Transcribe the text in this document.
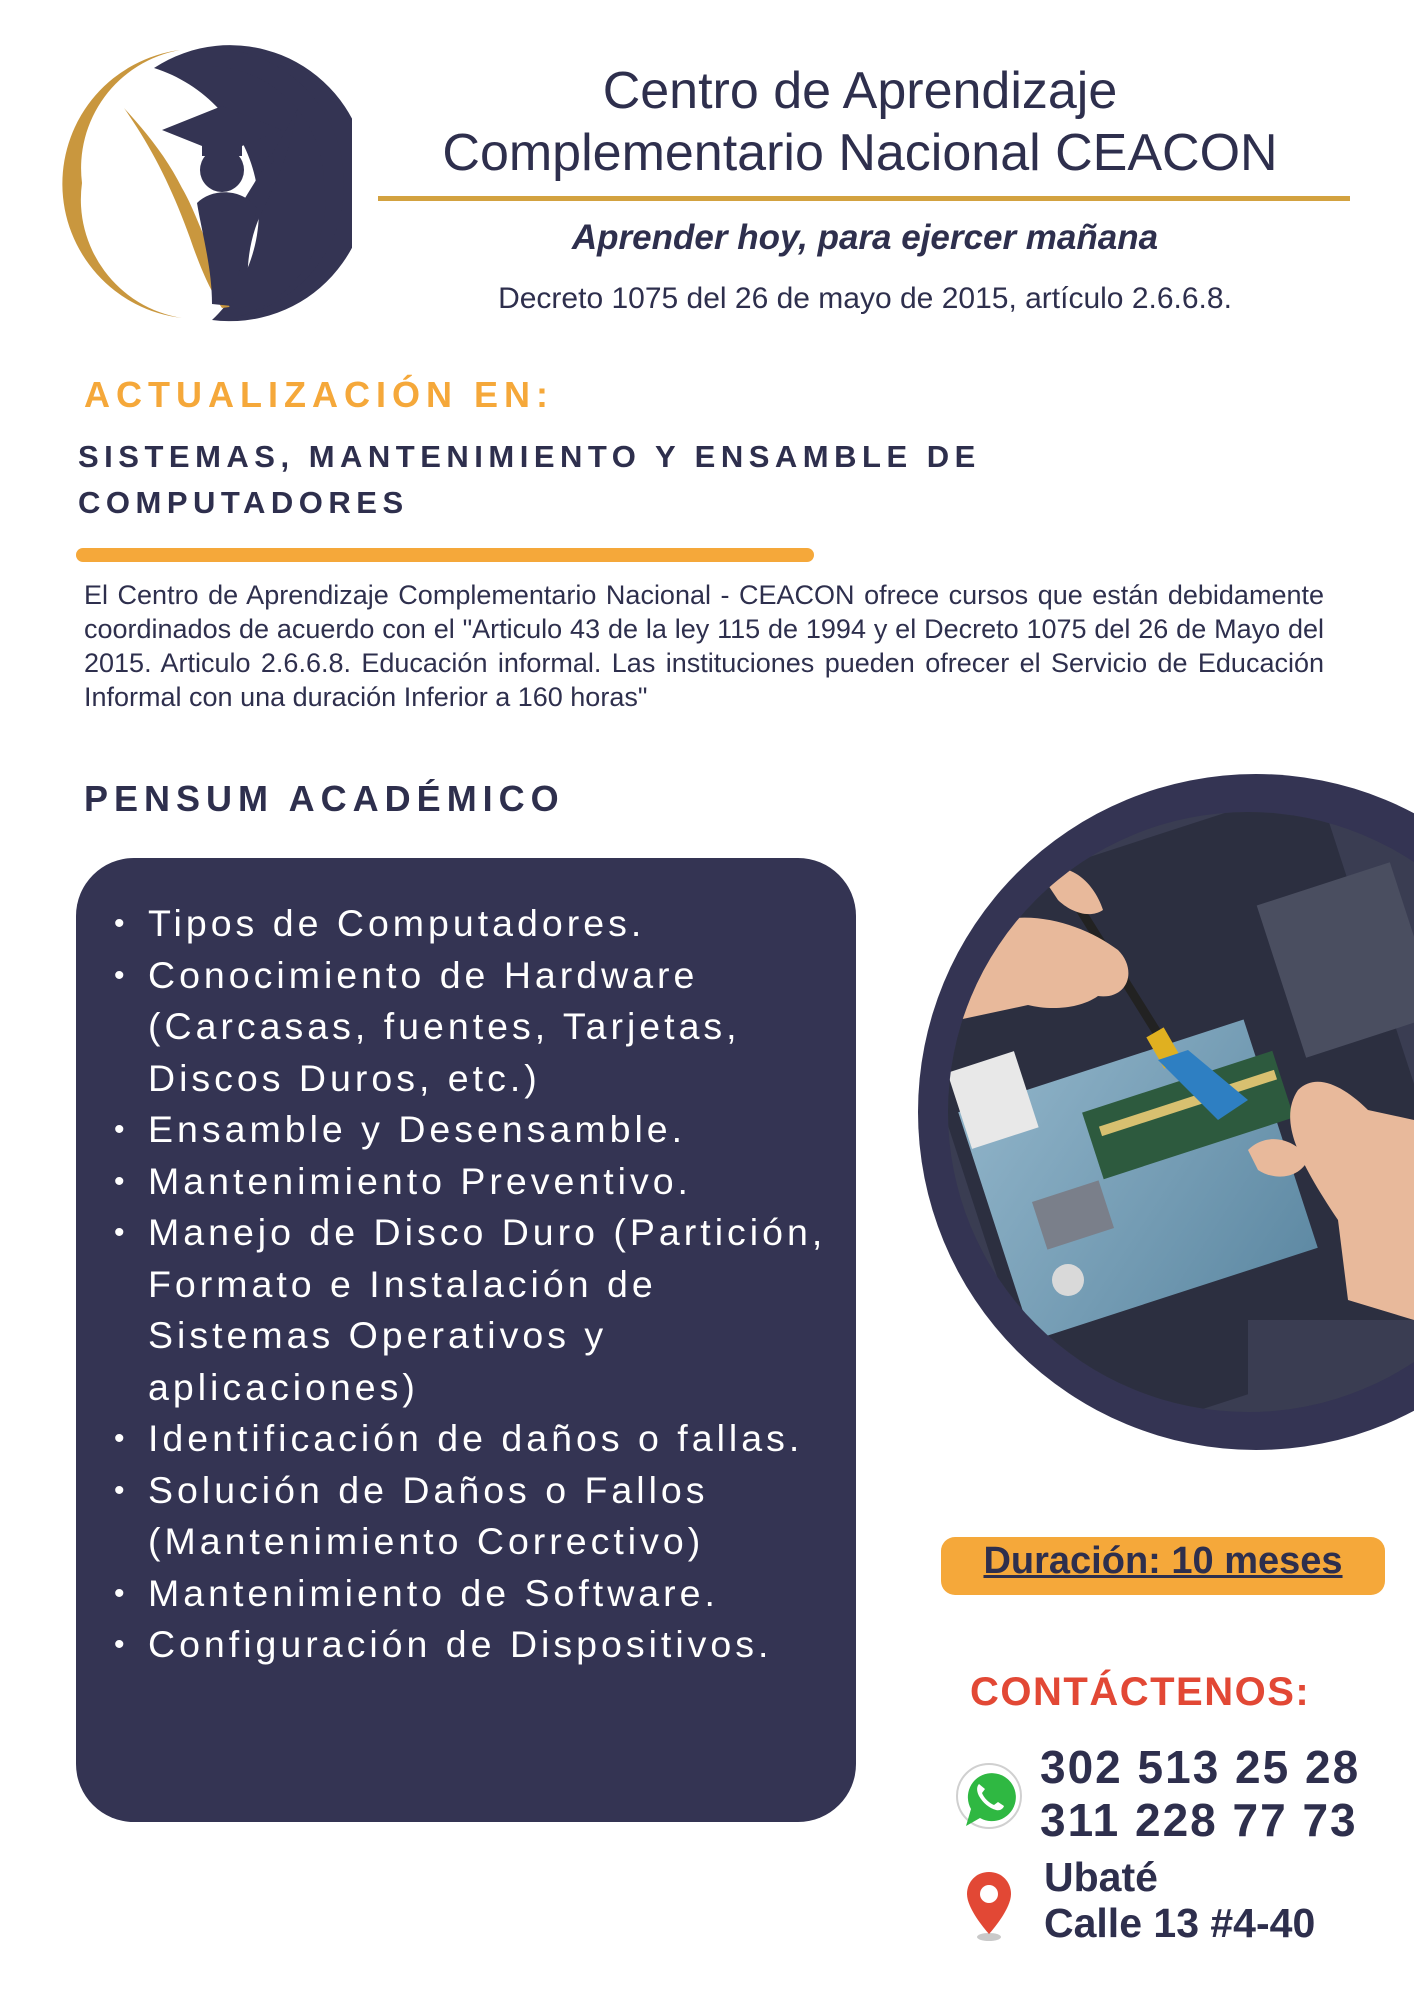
Centro de Aprendizaje
Complementario Nacional CEACON
Aprender hoy, para ejercer mañana
Decreto 1075 del 26 de mayo de 2015, artículo 2.6.6.8.
ACTUALIZACIÓN EN:
SISTEMAS, MANTENIMIENTO Y ENSAMBLE DE
COMPUTADORES
El Centro de Aprendizaje Complementario Nacional - CEACON ofrece cursos que están debidamente coordinados de acuerdo con el "Articulo 43 de la ley 115 de 1994 y el Decreto 1075 del 26 de Mayo del 2015. Articulo 2.6.6.8. Educación informal. Las instituciones pueden ofrecer el Servicio de Educación Informal con una duración Inferior a 160 horas"
PENSUM ACADÉMICO
• Tipos de Computadores.
• Conocimiento de Hardware (Carcasas, fuentes, Tarjetas, Discos Duros, etc.)
• Ensamble y Desensamble.
• Mantenimiento Preventivo.
• Manejo de Disco Duro (Partición, Formato e Instalación de Sistemas Operativos y aplicaciones)
• Identificación de daños o fallas.
• Solución de Daños o Fallos (Mantenimiento Correctivo)
• Mantenimiento de Software.
• Configuración de Dispositivos.
Duración: 10 meses
CONTÁCTENOS:
302 513 25 28
311 228 77 73
Ubaté
Calle 13 #4-40
